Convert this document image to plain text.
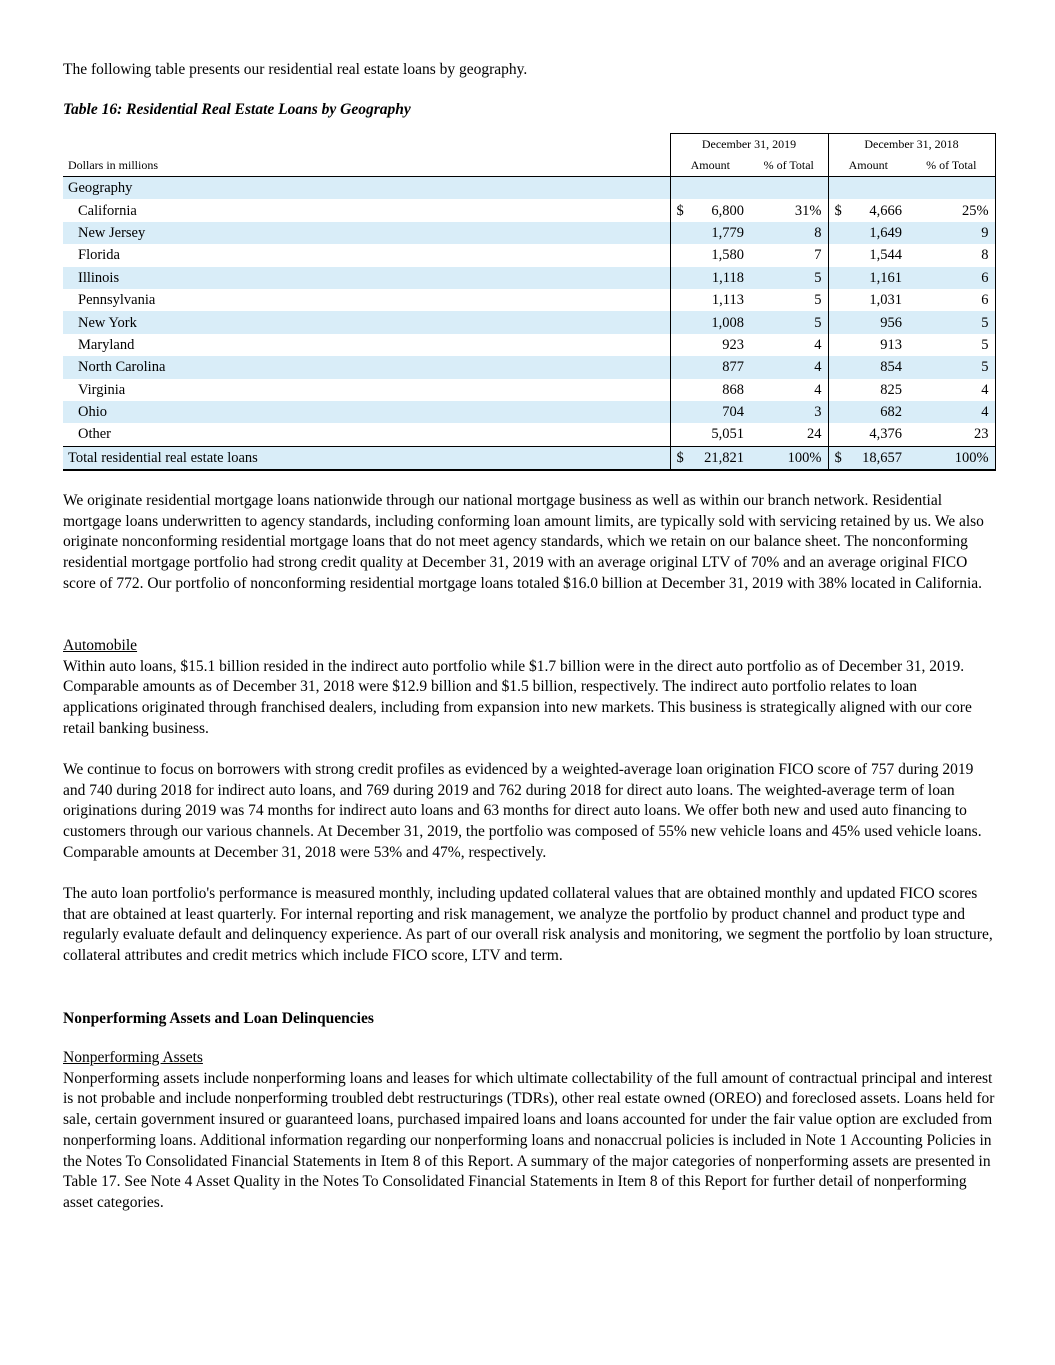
The following table presents our residential real estate loans by geography.
Table 16: Residential Real Estate Loans by Geography
	December 31, 2019			December 31, 2018		
Dollars in millions	Amount		% of Total	Amount		% of Total
Geography						
California	$	6,800	31%	$	4,666	25%
New Jersey		1,779	8		1,649	9
Florida		1,580	7		1,544	8
Illinois		1,118	5		1,161	6
Pennsylvania		1,113	5		1,031	6
New York		1,008	5		956	5
Maryland		923	4		913	5
North Carolina		877	4		854	5
Virginia		868	4		825	4
Ohio		704	3		682	4
Other		5,051	24		4,376	23
Total residential real estate loans	$	21,821	100%	$	18,657	100%

We originate residential mortgage loans nationwide through our national mortgage business as well as within our branch network. Residential mortgage loans underwritten to agency standards, including conforming loan amount limits, are typically sold with servicing retained by us. We also originate nonconforming residential mortgage loans that do not meet agency standards, which we retain on our balance sheet. The nonconforming residential mortgage portfolio had strong credit quality at December 31, 2019 with an average original LTV of 70% and an average original FICO score of 772. Our portfolio of nonconforming residential mortgage loans totaled $16.0 billion at December 31, 2019 with 38% located in California.

Automobile

Within auto loans, $15.1 billion resided in the indirect auto portfolio while $1.7 billion were in the direct auto portfolio as of December 31, 2019. Comparable amounts as of December 31, 2018 were $12.9 billion and $1.5 billion, respectively. The indirect auto portfolio relates to loan applications originated through franchised dealers, including from expansion into new markets. This business is strategically aligned with our core retail banking business.

We continue to focus on borrowers with strong credit profiles as evidenced by a weighted-average loan origination FICO score of 757 during 2019 and 740 during 2018 for indirect auto loans, and 769 during 2019 and 762 during 2018 for direct auto loans. The weighted-average term of loan originations during 2019 was 74 months for indirect auto loans and 63 months for direct auto loans. We offer both new and used auto financing to customers through our various channels. At December 31, 2019, the portfolio was composed of 55% new vehicle loans and 45% used vehicle loans. Comparable amounts at December 31, 2018 were 53% and 47%, respectively.

The auto loan portfolio's performance is measured monthly, including updated collateral values that are obtained monthly and updated FICO scores that are obtained at least quarterly. For internal reporting and risk management, we analyze the portfolio by product channel and product type and regularly evaluate default and delinquency experience. As part of our overall risk analysis and monitoring, we segment the portfolio by loan structure, collateral attributes and credit metrics which include FICO score, LTV and term.

Nonperforming Assets and Loan Delinquencies

Nonperforming Assets

Nonperforming assets include nonperforming loans and leases for which ultimate collectability of the full amount of contractual principal and interest is not probable and include nonperforming troubled debt restructurings (TDRs), other real estate owned (OREO) and foreclosed assets. Loans held for sale, certain government insured or guaranteed loans, purchased impaired loans and loans accounted for under the fair value option are excluded from nonperforming loans. Additional information regarding our nonperforming loans and nonaccrual policies is included in Note 1 Accounting Policies in the Notes To Consolidated Financial Statements in Item 8 of this Report. A summary of the major categories of nonperforming assets are presented in Table 17. See Note 4 Asset Quality in the Notes To Consolidated Financial Statements in Item 8 of this Report for further detail of nonperforming asset categories.
